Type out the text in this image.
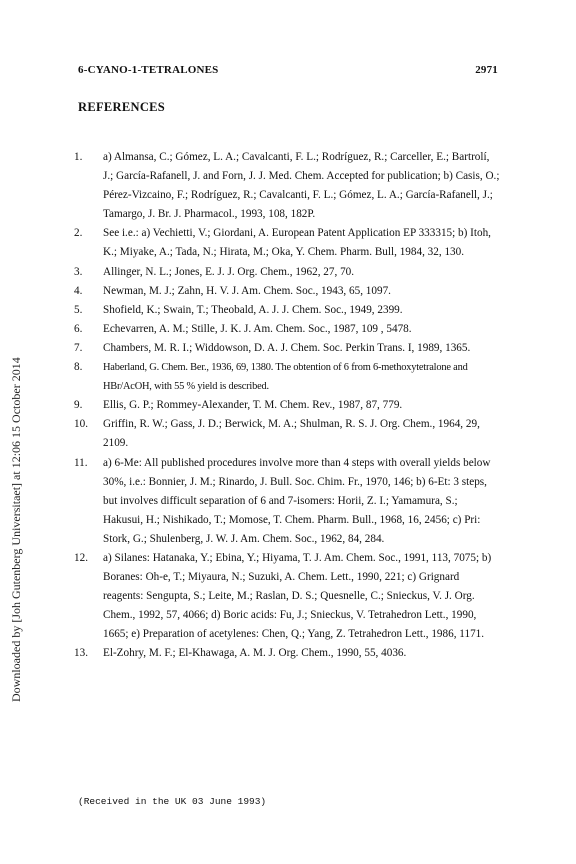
Downloaded by [Joh Gutenberg Universitaet] at 12:06 15 October 2014
6-CYANO-1-TETRALONES	2971
REFERENCES
1.	a) Almansa, C.; Gómez, L. A.; Cavalcanti, F. L.; Rodríguez, R.; Carceller, E.; Bartrolí, J.; García-Rafanell, J. and Forn, J. J. Med. Chem. Accepted for publication; b) Casis, O.; Pérez-Vizcaino, F.; Rodríguez, R.; Cavalcanti, F. L.; Gómez, L. A.; García-Rafanell, J.; Tamargo, J. Br. J. Pharmacol., 1993, 108, 182P.
2.	See i.e.: a) Vechietti, V.; Giordani, A. European Patent Application EP 333315; b) Itoh, K.; Miyake, A.; Tada, N.; Hirata, M.; Oka, Y. Chem. Pharm. Bull, 1984, 32, 130.
3.	Allinger, N. L.; Jones, E. J. J. Org. Chem., 1962, 27, 70.
4.	Newman, M. J.; Zahn, H. V. J. Am. Chem. Soc., 1943, 65, 1097.
5.	Shofield, K.; Swain, T.; Theobald, A. J. J. Chem. Soc., 1949, 2399.
6.	Echevarren, A. M.; Stille, J. K. J. Am. Chem. Soc., 1987, 109 , 5478.
7.	Chambers, M. R. I.; Widdowson, D. A. J. Chem. Soc. Perkin Trans. I, 1989, 1365.
8.	Haberland, G. Chem. Ber., 1936, 69, 1380. The obtention of 6 from 6-methoxytetralone and HBr/AcOH, with 55 % yield is described.
9.	Ellis, G. P.; Rommey-Alexander, T. M. Chem. Rev., 1987, 87, 779.
10.	Griffin, R. W.; Gass, J. D.; Berwick, M. A.; Shulman, R. S. J. Org. Chem., 1964, 29, 2109.
11.	a) 6-Me: All published procedures involve more than 4 steps with overall yields below 30%, i.e.: Bonnier, J. M.; Rinardo, J. Bull. Soc. Chim. Fr., 1970, 146; b) 6-Et: 3 steps, but involves difficult separation of 6 and 7-isomers: Horii, Z. I.; Yamamura, S.; Hakusui, H.; Nishikado, T.; Momose, T. Chem. Pharm. Bull., 1968, 16, 2456; c) Pri: Stork, G.; Shulenberg, J. W. J. Am. Chem. Soc., 1962, 84, 284.
12.	a) Silanes: Hatanaka, Y.; Ebina, Y.; Hiyama, T. J. Am. Chem. Soc., 1991, 113, 7075; b) Boranes: Oh-e, T.; Miyaura, N.; Suzuki, A. Chem. Lett., 1990, 221; c) Grignard reagents: Sengupta, S.; Leite, M.; Raslan, D. S.; Quesnelle, C.; Snieckus, V. J. Org. Chem., 1992, 57, 4066; d) Boric acids: Fu, J.; Snieckus, V. Tetrahedron Lett., 1990, 1665; e) Preparation of acetylenes: Chen, Q.; Yang, Z. Tetrahedron Lett., 1986, 1171.
13.	El-Zohry, M. F.; El-Khawaga, A. M. J. Org. Chem., 1990, 55, 4036.
(Received in the UK 03 June 1993)
